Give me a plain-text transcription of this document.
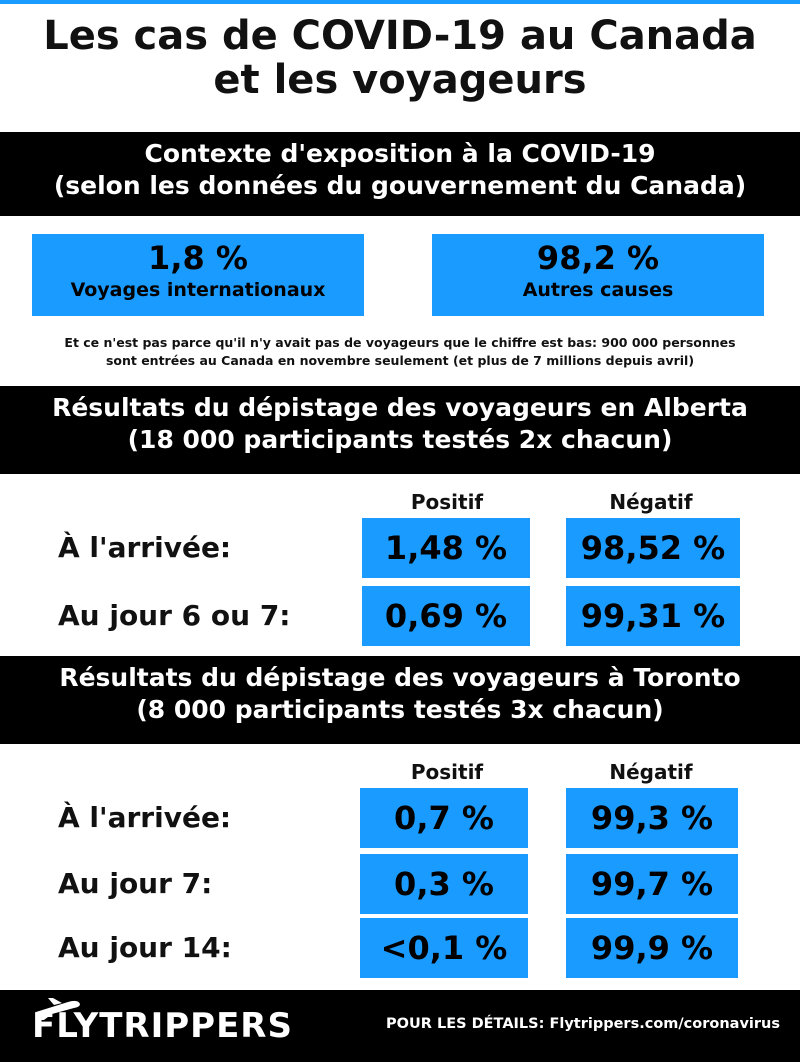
Les cas de COVID-19 au Canada
et les voyageurs
Contexte d'exposition à la COVID-19
(selon les données du gouvernement du Canada)
1,8 %
Voyages internationaux
98,2 %
Autres causes
Et ce n'est pas parce qu'il n'y avait pas de voyageurs que le chiffre est bas: 900 000 personnes
sont entrées au Canada en novembre seulement (et plus de 7 millions depuis avril)
Résultats du dépistage des voyageurs en Alberta
(18 000 participants testés 2x chacun)
Positif	Négatif
À l'arrivée:	1,48 %	98,52 %
Au jour 6 ou 7:	0,69 %	99,31 %
Résultats du dépistage des voyageurs à Toronto
(8 000 participants testés 3x chacun)
Positif	Négatif
À l'arrivée:	0,7 %	99,3 %
Au jour 7:	0,3 %	99,7 %
Au jour 14:	<0,1 %	99,9 %
FLYTRIPPERS	POUR LES DÉTAILS: Flytrippers.com/coronavirus
